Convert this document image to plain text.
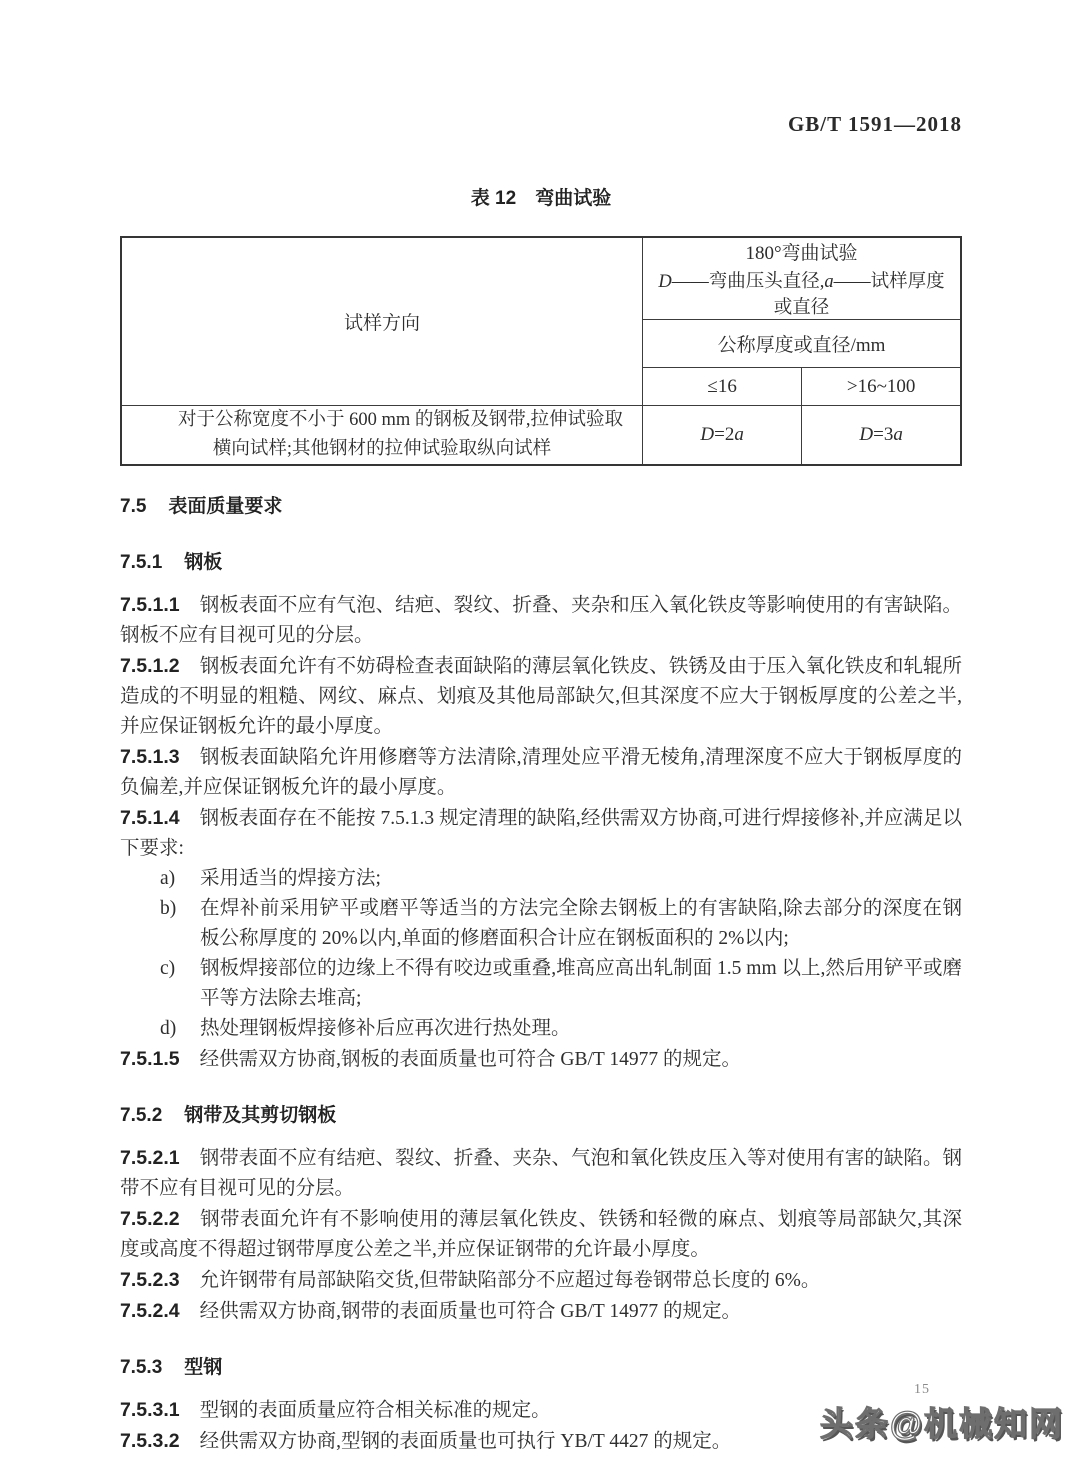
GB/T 1591—2018
表 12　弯曲试验
试样方向	180°弯曲试验
D——弯曲压头直径,a——试样厚度或直径	

	公称厚度或直径/mm	
	≤16	>16~100
对于公称宽度不小于 600 mm 的钢板及钢带,拉伸试验取横向试样;其他钢材的拉伸试验取纵向试样	D=2a	D=3a
7.5 表面质量要求
7.5.1 钢板

7.5.1.1 钢板表面不应有气泡、结疤、裂纹、折叠、夹杂和压入氧化铁皮等影响使用的有害缺陷。钢板不应有目视可见的分层。

7.5.1.2 钢板表面允许有不妨碍检查表面缺陷的薄层氧化铁皮、铁锈及由于压入氧化铁皮和轧辊所造成的不明显的粗糙、网纹、麻点、划痕及其他局部缺欠,但其深度不应大于钢板厚度的公差之半,并应保证钢板允许的最小厚度。

7.5.1.3 钢板表面缺陷允许用修磨等方法清除,清理处应平滑无棱角,清理深度不应大于钢板厚度的负偏差,并应保证钢板允许的最小厚度。

7.5.1.4 钢板表面存在不能按 7.5.1.3 规定清理的缺陷,经供需双方协商,可进行焊接修补,并应满足以下要求:

a)	采用适当的焊接方法;
b)	在焊补前采用铲平或磨平等适当的方法完全除去钢板上的有害缺陷,除去部分的深度在钢板公称厚度的 20%以内,单面的修磨面积合计应在钢板面积的 2%以内;
c)	钢板焊接部位的边缘上不得有咬边或重叠,堆高应高出轧制面 1.5 mm 以上,然后用铲平或磨平等方法除去堆高;
d)	热处理钢板焊接修补后应再次进行热处理。

7.5.1.5 经供需双方协商,钢板的表面质量也可符合 GB/T 14977 的规定。

7.5.2 钢带及其剪切钢板

7.5.2.1 钢带表面不应有结疤、裂纹、折叠、夹杂、气泡和氧化铁皮压入等对使用有害的缺陷。钢带不应有目视可见的分层。

7.5.2.2 钢带表面允许有不影响使用的薄层氧化铁皮、铁锈和轻微的麻点、划痕等局部缺欠,其深度或高度不得超过钢带厚度公差之半,并应保证钢带的允许最小厚度。

7.5.2.3 允许钢带有局部缺陷交货,但带缺陷部分不应超过每卷钢带总长度的 6%。

7.5.2.4 经供需双方协商,钢带的表面质量也可符合 GB/T 14977 的规定。

7.5.3 型钢

7.5.3.1 型钢的表面质量应符合相关标准的规定。

7.5.3.2 经供需双方协商,型钢的表面质量也可执行 YB/T 4427 的规定。

15
头条@机械知网
